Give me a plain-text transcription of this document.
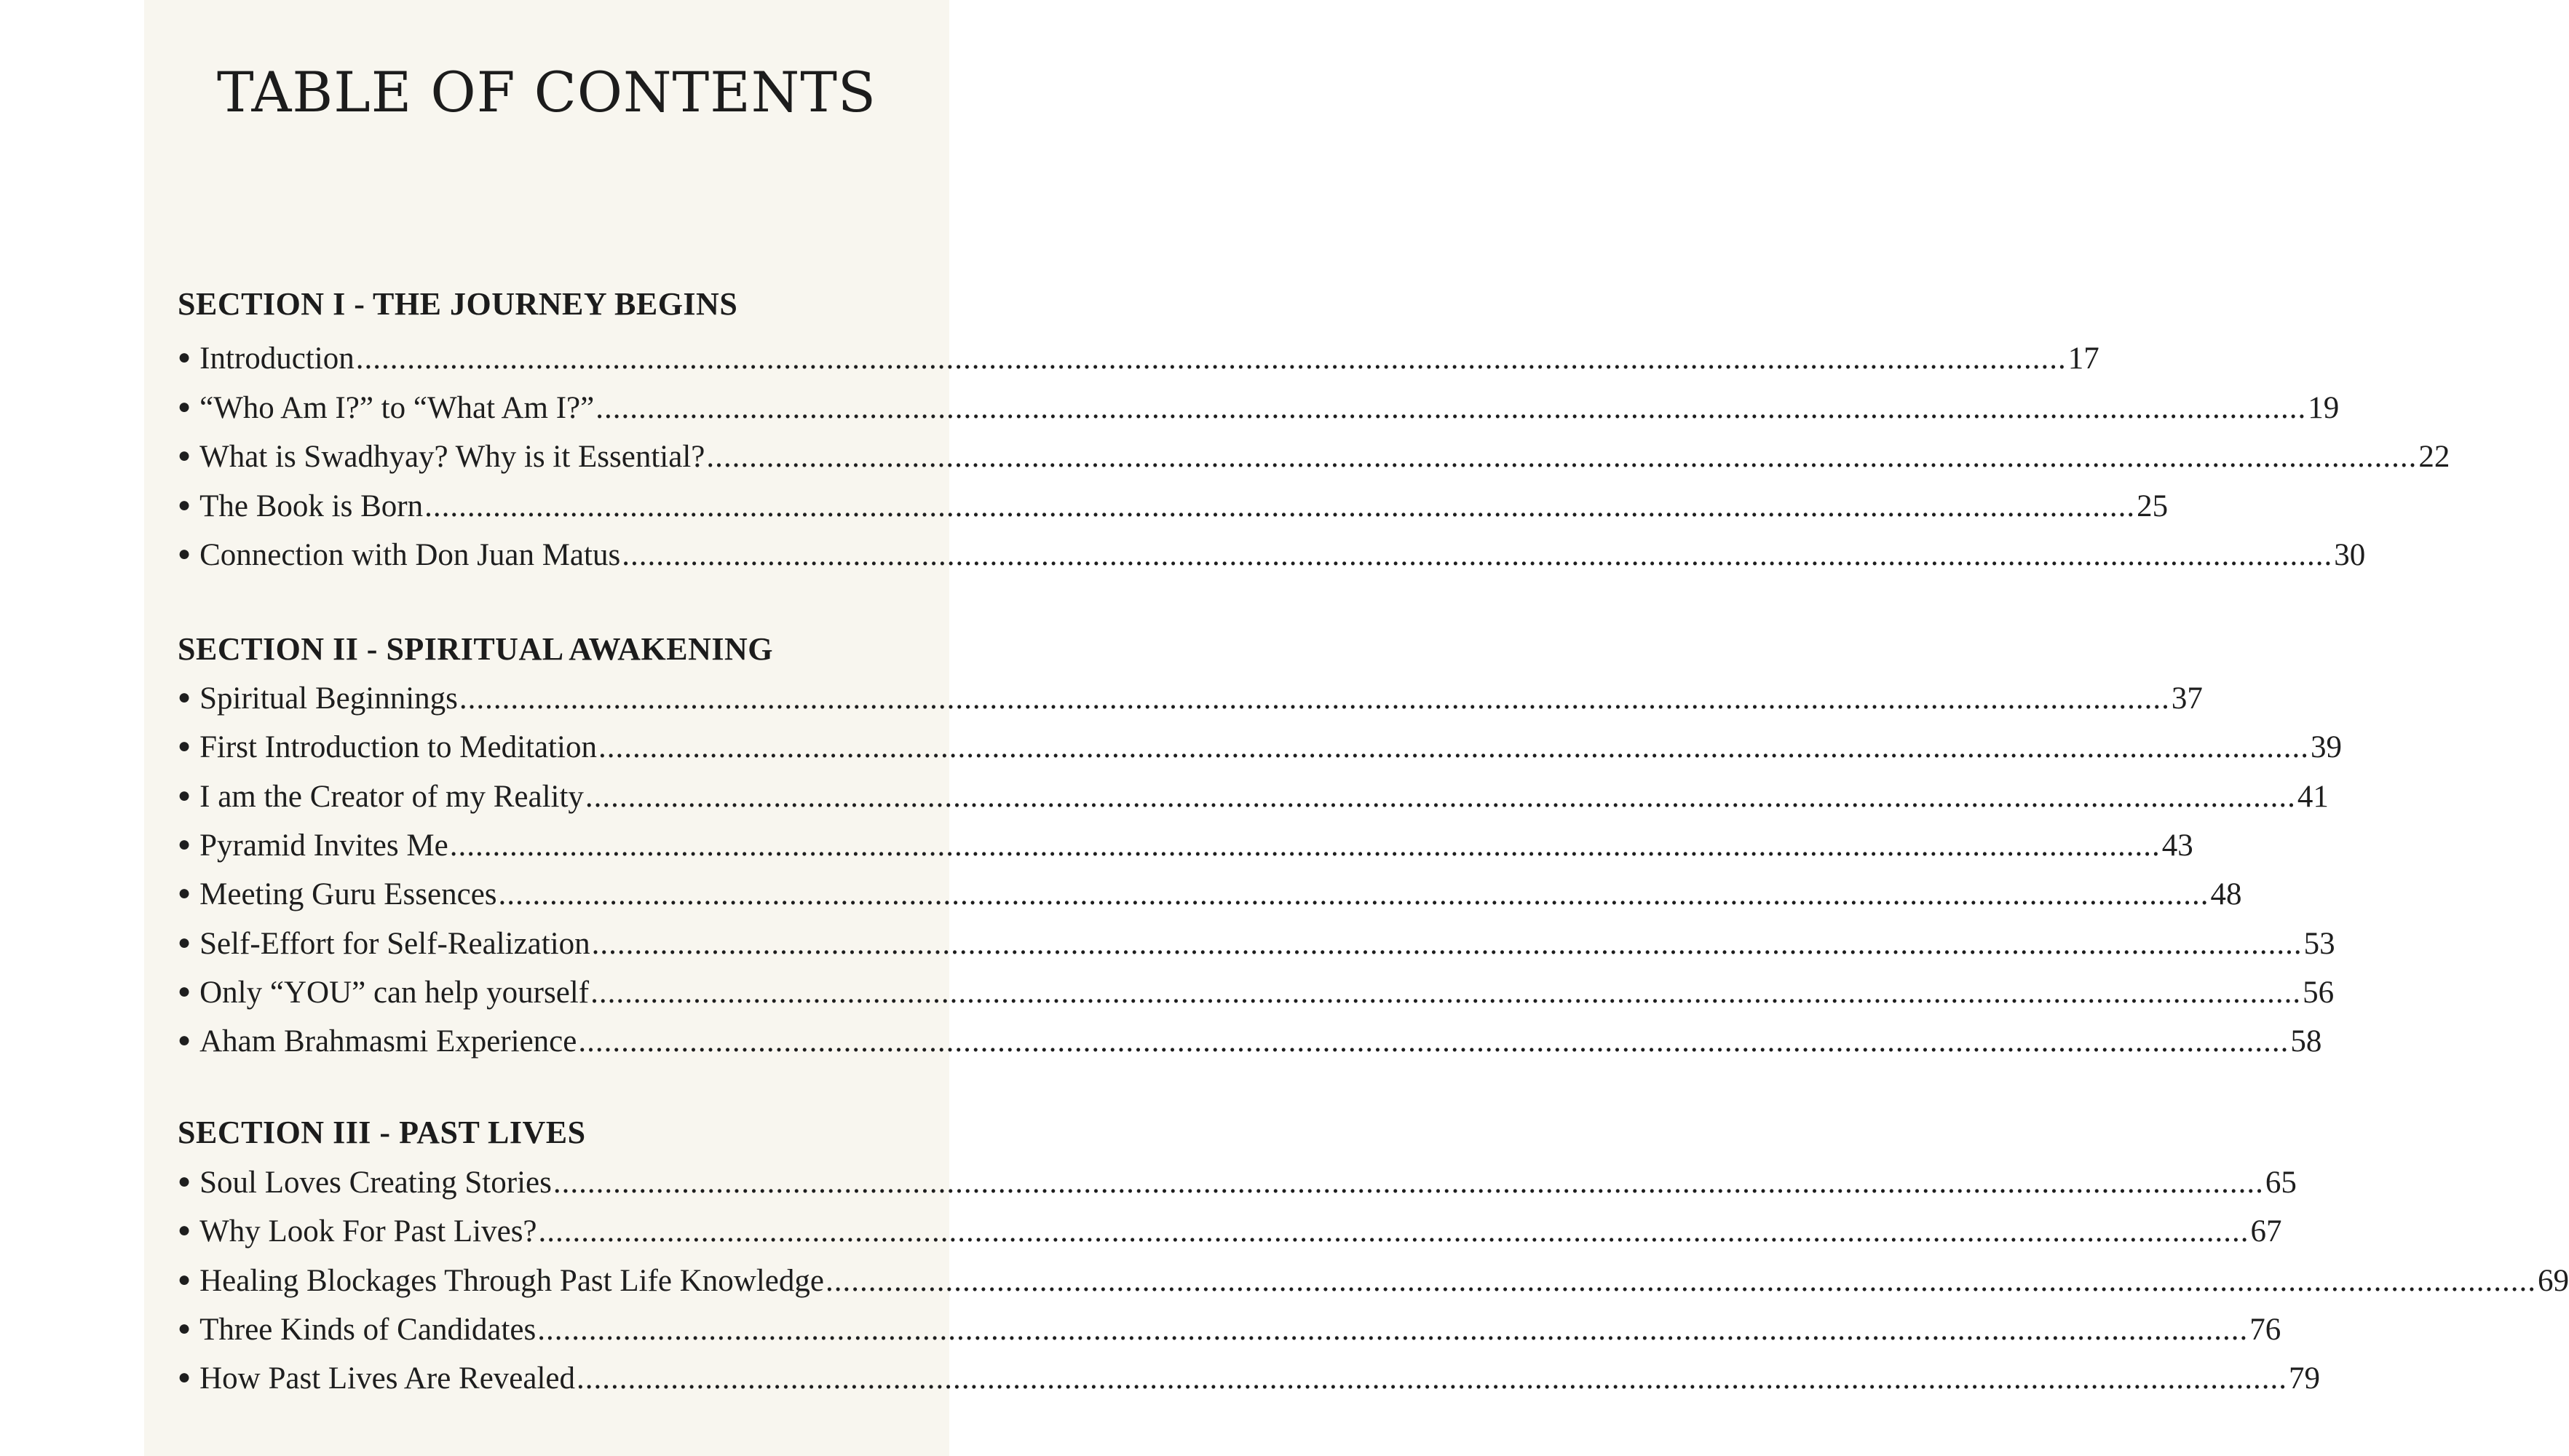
TABLE OF CONTENTS
SECTION I - THE JOURNEY BEGINS
● Introduction ........................................................................................................................................................................................................ 17
● “Who Am I?” to “What Am I?” ........................................................................................................................................................................................................ 19
● What is Swadhyay? Why is it Essential? ........................................................................................................................................................................................................ 22
● The Book is Born ........................................................................................................................................................................................................ 25
● Connection with Don Juan Matus ........................................................................................................................................................................................................ 30
SECTION II - SPIRITUAL AWAKENING
● Spiritual Beginnings ........................................................................................................................................................................................................ 37
● First Introduction to Meditation ........................................................................................................................................................................................................ 39
● I am the Creator of my Reality ........................................................................................................................................................................................................ 41
● Pyramid Invites Me ........................................................................................................................................................................................................ 43
● Meeting Guru Essences ........................................................................................................................................................................................................ 48
● Self-Effort for Self-Realization ........................................................................................................................................................................................................ 53
● Only “YOU” can help yourself ........................................................................................................................................................................................................ 56
● Aham Brahmasmi Experience ........................................................................................................................................................................................................ 58
SECTION III - PAST LIVES
● Soul Loves Creating Stories ........................................................................................................................................................................................................ 65
● Why Look For Past Lives? ........................................................................................................................................................................................................ 67
● Healing Blockages Through Past Life Knowledge ........................................................................................................................................................................................................ 69
● Three Kinds of Candidates ........................................................................................................................................................................................................ 76
● How Past Lives Are Revealed ........................................................................................................................................................................................................ 79
